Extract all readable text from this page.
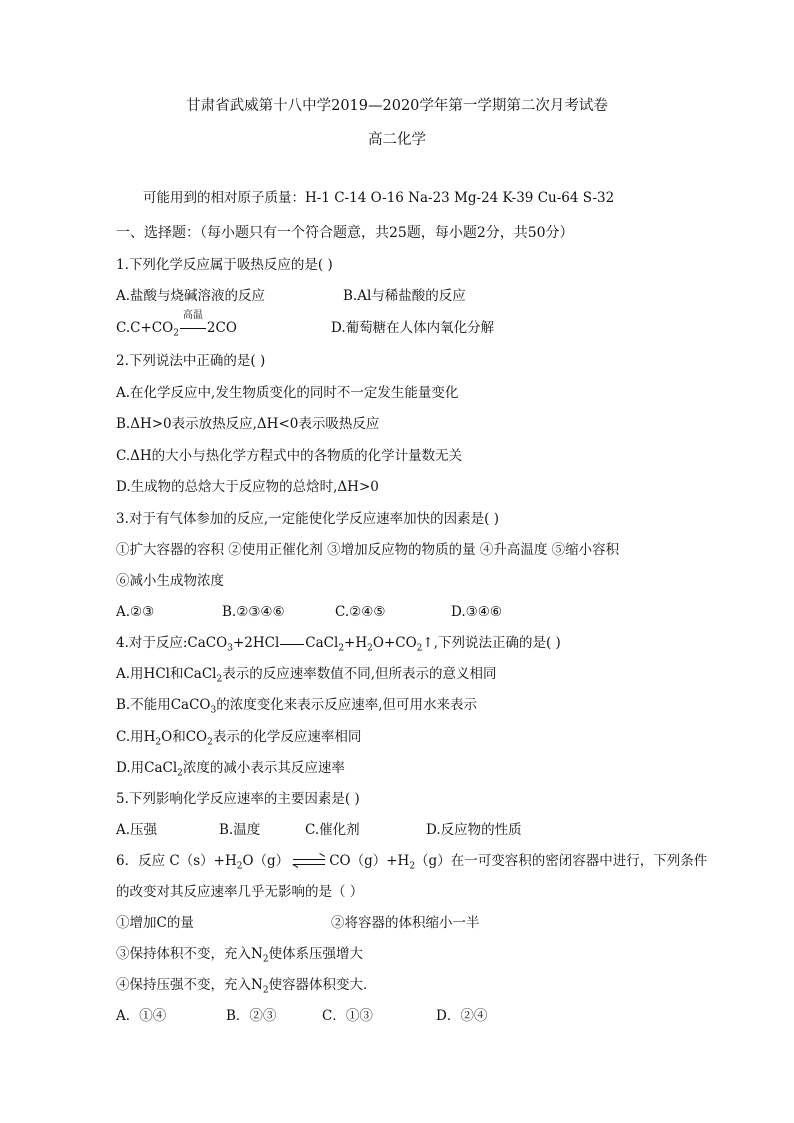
甘肃省武威第十八中学2019—2020学年第一学期第二次月考试卷
高二化学
可能用到的相对原子质量：H-1 C-14 O-16 Na-23 Mg-24 K-39 Cu-64 S-32
一、选择题：（每小题只有一个符合题意，共25题，每小题2分，共50分）
1.下列化学反应属于吸热反应的是( )
A.盐酸与烧碱溶液的反应	B.Al与稀盐酸的反应
$C.C+CO_2$
高温
2CO	D.葡萄糖在人体内氧化分解
2.下列说法中正确的是( )
A.在化学反应中,发生物质变化的同时不一定发生能量变化
B.ΔH>0表示放热反应,ΔH<0表示吸热反应
C.ΔH的大小与热化学方程式中的各物质的化学计量数无关
D.生成物的总焓大于反应物的总焓时,ΔH>0
3.对于有气体参加的反应,一定能使化学反应速率加快的因素是( )
①扩大容器的容积 ②使用正催化剂 ③增加反应物的物质的量 ④升高温度 ⑤缩小容积
⑥减小生成物浓度
A.②③	B.②③④⑥	C.②④⑤	D.③④⑥
4.对于反应:CaCO$_3$+2HCl $CaCl_2+H_2O+CO_2↑$,下列说法正确的是( )
A.用HCl和CaCl$_2$表示的反应速率数值不同,但所表示的意义相同
B.不能用CaCO$_3$的浓度变化来表示反应速率,但可用水来表示
C.用$H_2O$和$CO_2$表示的化学反应速率相同
D.用CaCl$_2$浓度的减小表示其反应速率
5.下列影响化学反应速率的主要因素是( )
A.压强	B.温度	C.催化剂	D.反应物的性质
6．反应 $C(s)+H_2O(g)$ ⇌ $CO(g)+H_2(g)$在一可变容积的密闭容器中进行，下列条件
的改变对其反应速率几乎无影响的是（ ）
①增加C的量	②将容器的体积缩小一半
③保持体积不变，充入$N_2$使体系压强增大
④保持压强不变，充入$N_2$使容器体积变大．
A．①④	B．②③	C．①③	D．②④
